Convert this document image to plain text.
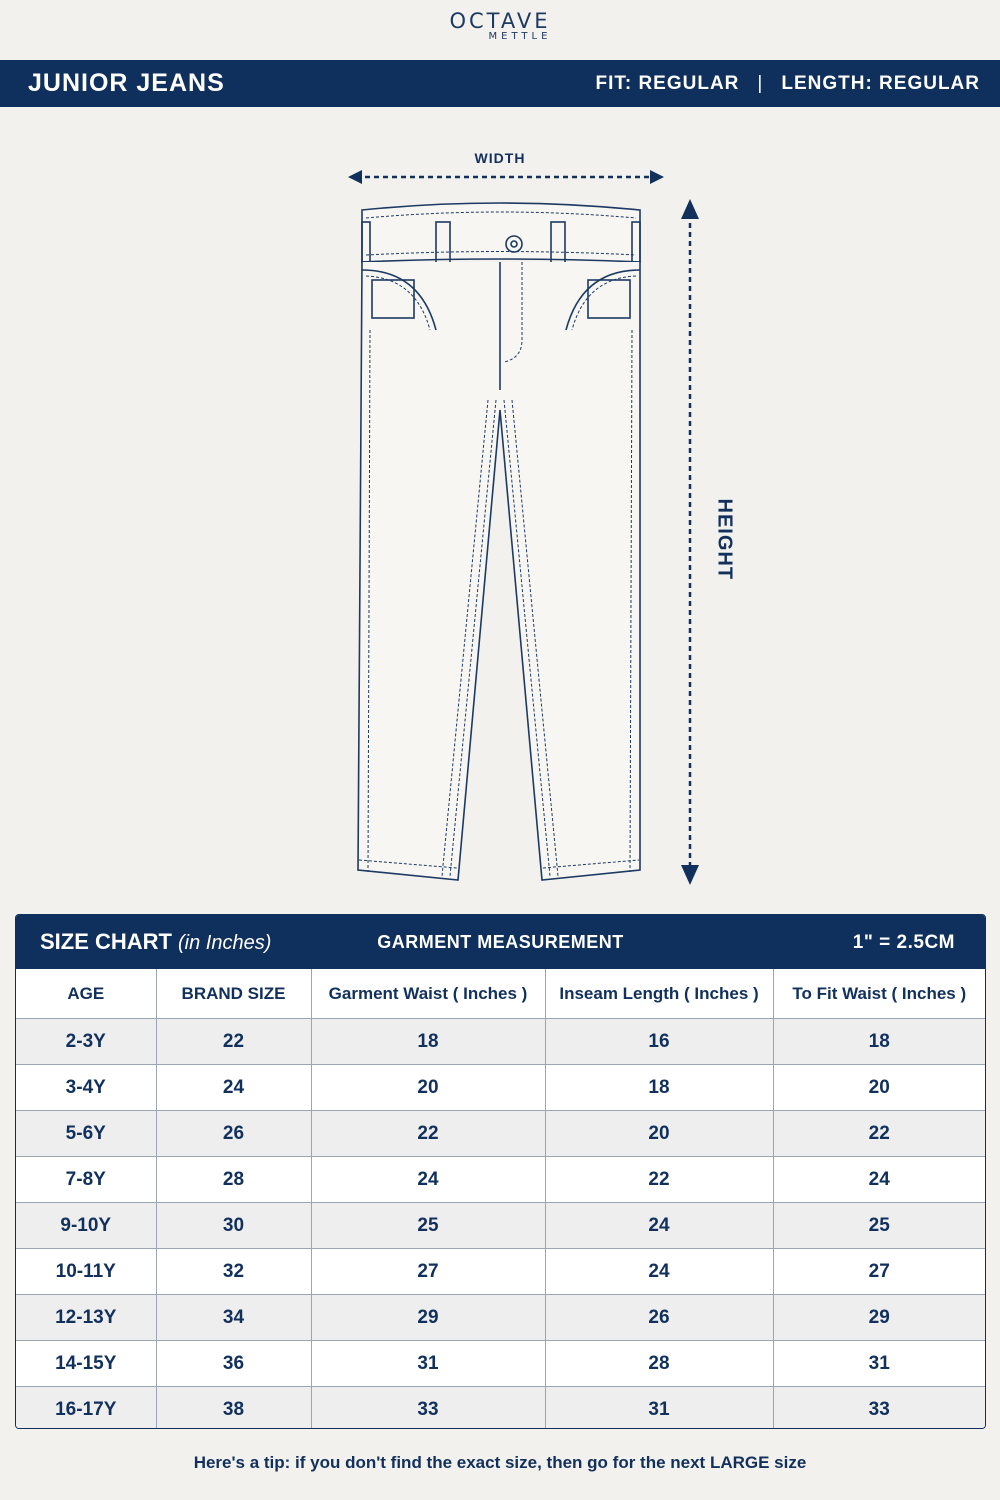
OCTAVE
METTLE
JUNIOR JEANS	FIT: REGULAR | LENGTH: REGULAR
WIDTH
HEIGHT
SIZE CHART (in Inches)	GARMENT MEASUREMENT	1" = 2.5CM
AGE	BRAND SIZE	Garment Waist ( Inches )	Inseam Length ( Inches )	To Fit Waist ( Inches )
2-3Y	22	18	16	18
3-4Y	24	20	18	20
5-6Y	26	22	20	22
7-8Y	28	24	22	24
9-10Y	30	25	24	25
10-11Y	32	27	24	27
12-13Y	34	29	26	29
14-15Y	36	31	28	31
16-17Y	38	33	31	33
Here's a tip: if you don't find the exact size, then go for the next LARGE size
